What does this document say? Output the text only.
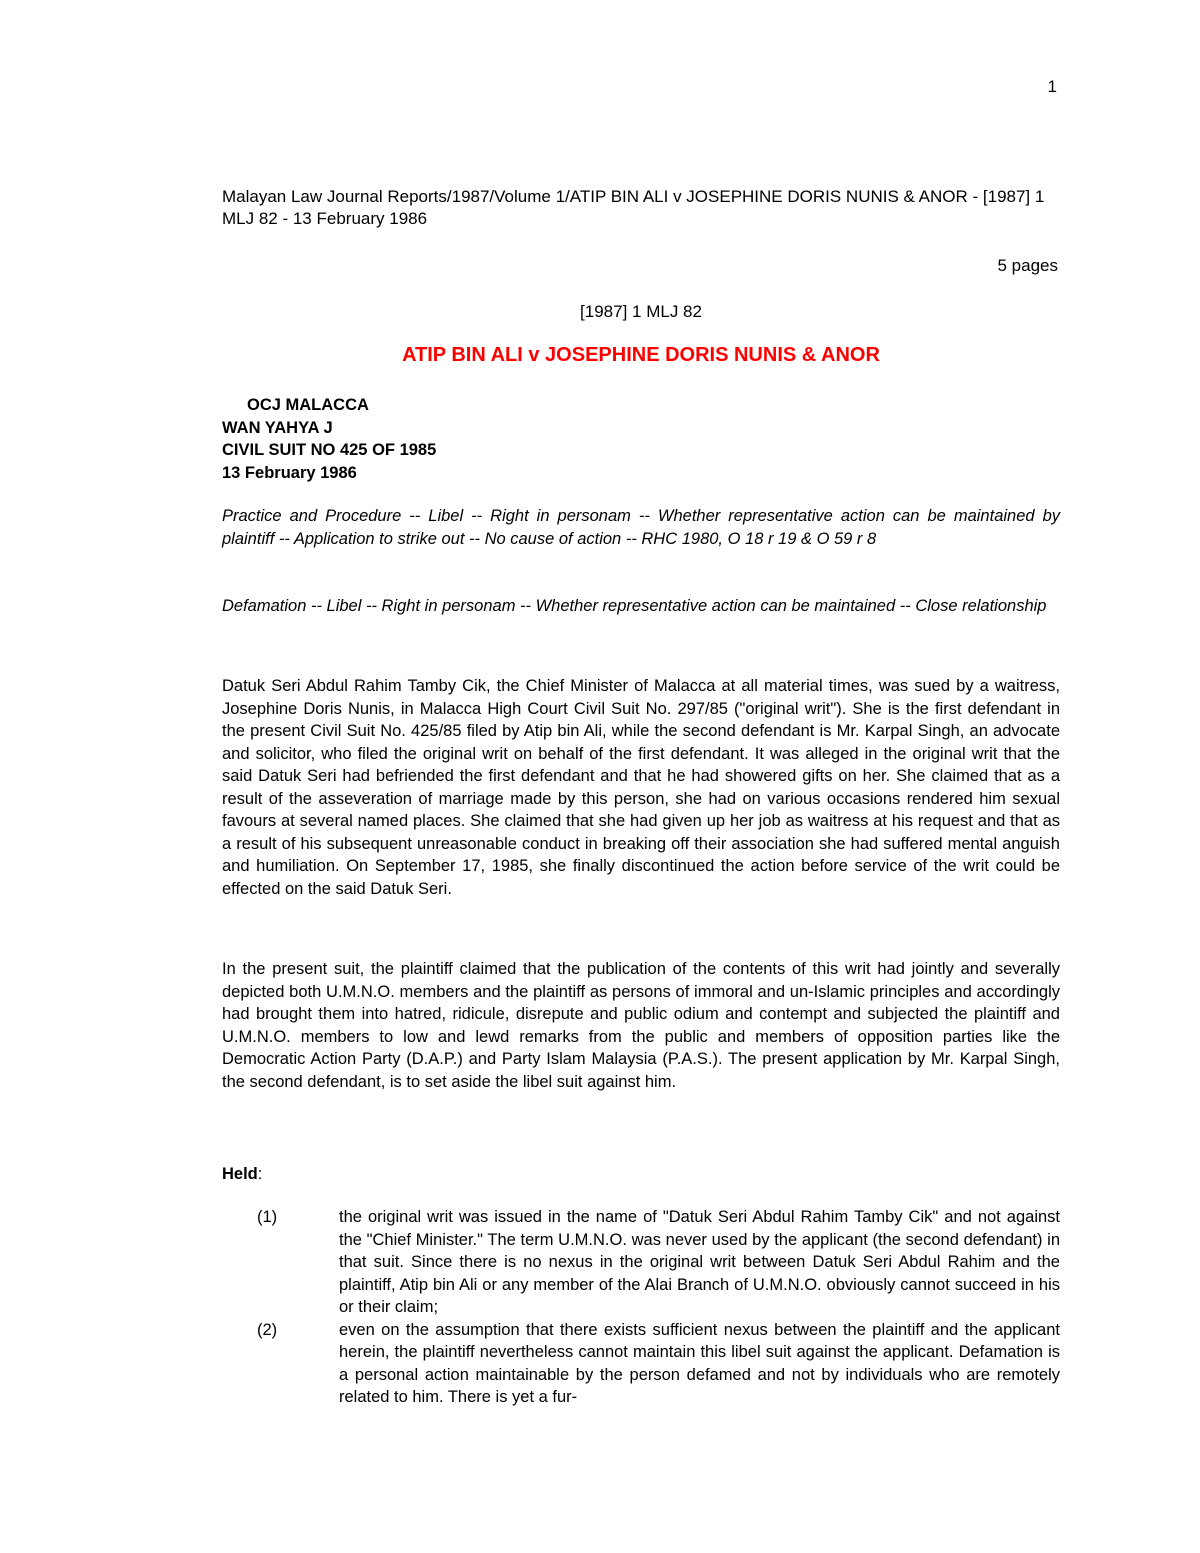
1
Malayan Law Journal Reports/1987/Volume 1/ATIP BIN ALI v JOSEPHINE DORIS NUNIS & ANOR - [1987] 1 MLJ 82 - 13 February 1986
5 pages
[1987] 1 MLJ 82
ATIP BIN ALI v JOSEPHINE DORIS NUNIS & ANOR
OCJ MALACCA
WAN YAHYA J
CIVIL SUIT NO 425 OF 1985
13 February 1986
Practice and Procedure -- Libel -- Right in personam -- Whether representative action can be maintained by plaintiff -- Application to strike out -- No cause of action -- RHC 1980, O 18 r 19 & O 59 r 8
Defamation -- Libel -- Right in personam -- Whether representative action can be maintained -- Close relationship
Datuk Seri Abdul Rahim Tamby Cik, the Chief Minister of Malacca at all material times, was sued by a waitress, Josephine Doris Nunis, in Malacca High Court Civil Suit No. 297/85 ("original writ"). She is the first defendant in the present Civil Suit No. 425/85 filed by Atip bin Ali, while the second defendant is Mr. Karpal Singh, an advocate and solicitor, who filed the original writ on behalf of the first defendant. It was alleged in the original writ that the said Datuk Seri had befriended the first defendant and that he had showered gifts on her. She claimed that as a result of the asseveration of marriage made by this person, she had on various occasions rendered him sexual favours at several named places. She claimed that she had given up her job as waitress at his request and that as a result of his subsequent unreasonable conduct in breaking off their association she had suffered mental anguish and humiliation. On September 17, 1985, she finally discontinued the action before service of the writ could be effected on the said Datuk Seri.
In the present suit, the plaintiff claimed that the publication of the contents of this writ had jointly and severally depicted both U.M.N.O. members and the plaintiff as persons of immoral and un-Islamic principles and accordingly had brought them into hatred, ridicule, disrepute and public odium and contempt and subjected the plaintiff and U.M.N.O. members to low and lewd remarks from the public and members of opposition parties like the Democratic Action Party (D.A.P.) and Party Islam Malaysia (P.A.S.). The present application by Mr. Karpal Singh, the second defendant, is to set aside the libel suit against him.
Held:
(1)	the original writ was issued in the name of "Datuk Seri Abdul Rahim Tamby Cik" and not against the "Chief Minister." The term U.M.N.O. was never used by the applicant (the second defendant) in that suit. Since there is no nexus in the original writ between Datuk Seri Abdul Rahim and the plaintiff, Atip bin Ali or any member of the Alai Branch of U.M.N.O. obviously cannot succeed in his or their claim;
(2)	even on the assumption that there exists sufficient nexus between the plaintiff and the applicant herein, the plaintiff nevertheless cannot maintain this libel suit against the applicant. Defamation is a personal action maintainable by the person defamed and not by individuals who are remotely related to him. There is yet a fur-
